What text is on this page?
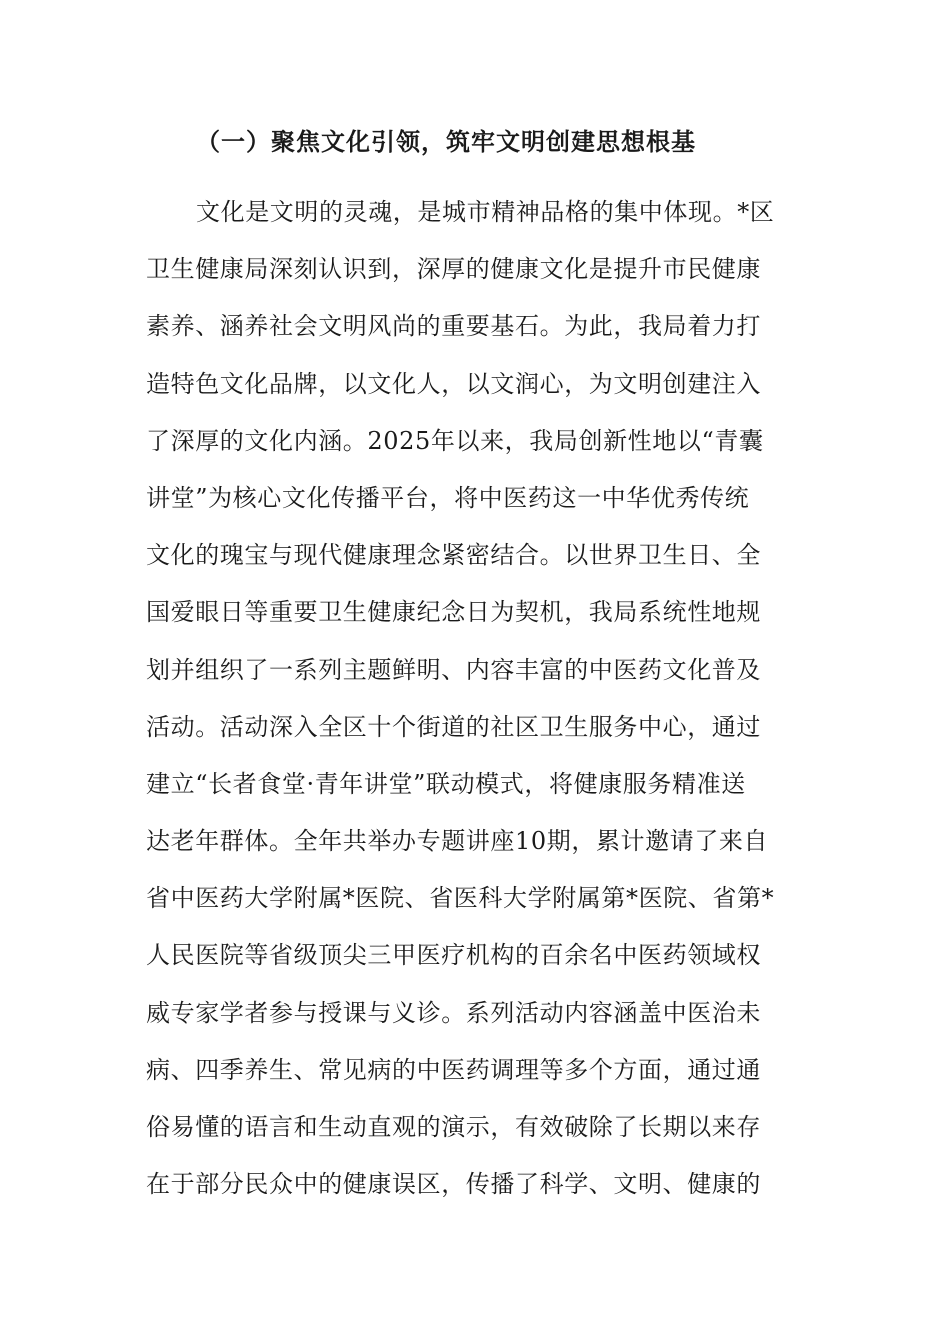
（一）聚焦文化引领，筑牢文明创建思想根基
文化是文明的灵魂，是城市精神品格的集中体现。*区
卫生健康局深刻认识到，深厚的健康文化是提升市民健康
素养、涵养社会文明风尚的重要基石。为此，我局着力打
造特色文化品牌，以文化人，以文润心，为文明创建注入
了深厚的文化内涵。2025年以来，我局创新性地以“青囊
讲堂”为核心文化传播平台，将中医药这一中华优秀传统
文化的瑰宝与现代健康理念紧密结合。以世界卫生日、全
国爱眼日等重要卫生健康纪念日为契机，我局系统性地规
划并组织了一系列主题鲜明、内容丰富的中医药文化普及
活动。活动深入全区十个街道的社区卫生服务中心，通过
建立“长者食堂·青年讲堂”联动模式，将健康服务精准送
达老年群体。全年共举办专题讲座10期，累计邀请了来自
省中医药大学附属*医院、省医科大学附属第*医院、省第*
人民医院等省级顶尖三甲医疗机构的百余名中医药领域权
威专家学者参与授课与义诊。系列活动内容涵盖中医治未
病、四季养生、常见病的中医药调理等多个方面，通过通
俗易懂的语言和生动直观的演示，有效破除了长期以来存
在于部分民众中的健康误区，传播了科学、文明、健康的
